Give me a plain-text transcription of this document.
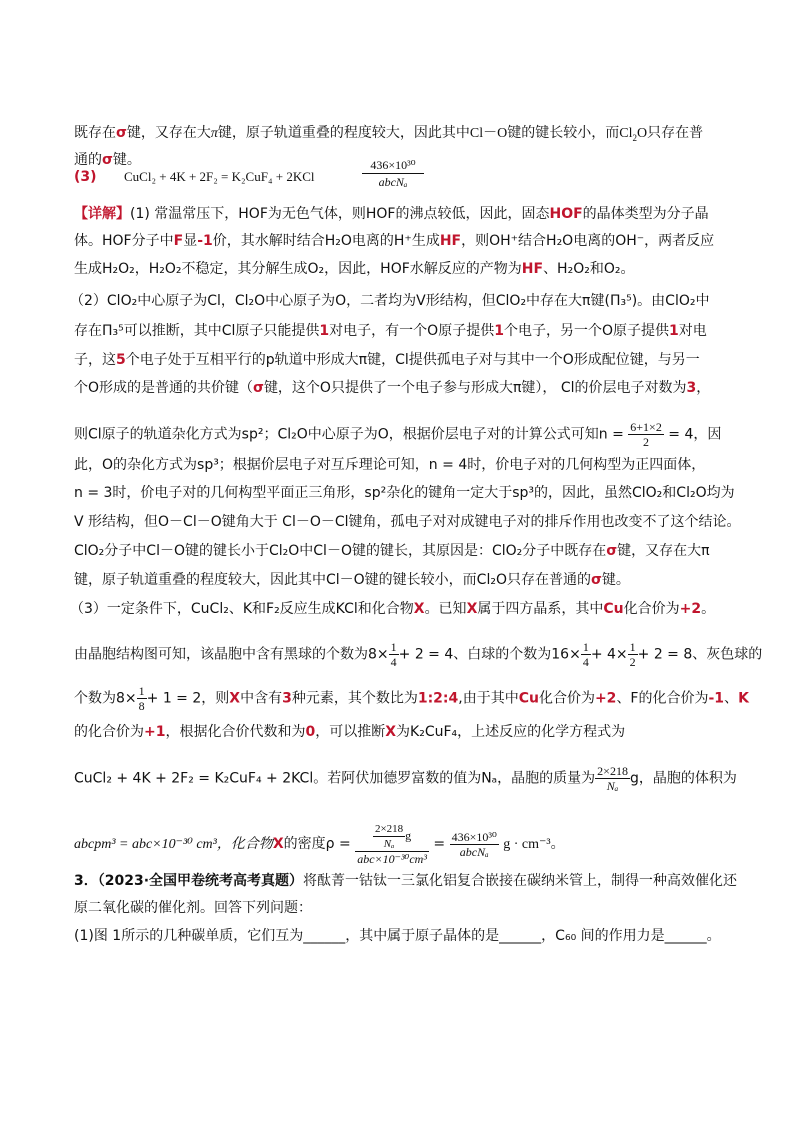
既存在σ键，又存在大π键，原子轨道重叠的程度较大，因此其中Cl－O键的键长较小，而$Cl_2O$只存在普
通的σ键。
(3) CuCl₂ + 4K + 2F₂ = K₂CuF₄ + 2KCl
436×10³⁰
abcNₐ
【详解】(1) 常温常压下，HOF为无色气体，则HOF的沸点较低，因此，固态HOF的晶体类型为分子晶
体。HOF分子中F显-1价，其水解时结合H₂O电离的H⁺生成HF，则OH⁺结合H₂O电离的OH⁻，两者反应
生成H₂O₂，H₂O₂不稳定，其分解生成O₂，因此，HOF水解反应的产物为HF、H₂O₂和O₂。
（2）ClO₂中心原子为Cl，Cl₂O中心原子为O，二者均为V形结构，但ClO₂中存在大π键(Π₃⁵)。由ClO₂中
存在Π₃⁵可以推断，其中Cl原子只能提供1对电子，有一个O原子提供1个电子，另一个O原子提供1对电
子，这5个电子处于互相平行的p轨道中形成大π键，Cl提供孤电子对与其中一个O形成配位键，与另一
个O形成的是普通的共价键（σ键，这个O只提供了一个电子参与形成大π键）， Cl的价层电子对数为3，
则Cl原子的轨道杂化方式为sp²；Cl₂O中心原子为O，根据价层电子对的计算公式可知$n = \frac{6+1\times 2}{2} = 4$，因
此，O的杂化方式为sp³；根据价层电子对互斥理论可知，n = 4时，价电子对的几何构型为正四面体，
n = 3时，价电子对的几何构型平面正三角形，sp²杂化的键角一定大于sp³的，因此，虽然ClO₂和Cl₂O均为
V 形结构，但O－Cl－O键角大于 Cl－O－Cl键角，孤电子对对成键电子对的排斥作用也改变不了这个结论。
ClO₂分子中Cl－O键的键长小于Cl₂O中Cl－O键的键长，其原因是：ClO₂分子中既存在σ键，又存在大π
键，原子轨道重叠的程度较大，因此其中Cl－O键的键长较小，而Cl₂O只存在普通的σ键。
（3）一定条件下，CuCl₂、K和F₂反应生成KCl和化合物X。已知X属于四方晶系，其中Cu化合价为+2。
由晶胞结构图可知，该晶胞中含有黑球的个数为$8\times \frac{1}{4} + 2 = 4$、白球的个数为$16\times \frac{1}{4} + 4\times \frac{1}{2} + 2 = 8$、灰色球的
个数为$8\times \frac{1}{8} + 1 = 2$，则X中含有3种元素，其个数比为1:2:4,由于其中Cu化合价为+2、F的化合价为-1、K
的化合价为+1，根据化合价代数和为0，可以推断X为K₂CuF₄，上述反应的化学方程式为
CuCl₂ + 4K + 2F₂ = K₂CuF₄ + 2KCl。若阿伏加德罗富数的值为Nₐ，晶胞的质量为 $\frac{2\times 218}{\text{Nₐ}}$ g，晶胞的体积为
abcpm³ = abc×10⁻³⁰ cm³，化合物X的密度$\rho = \frac{\frac{2\times 218}{\text{Nₐ}} g}{\text{abc×10⁻³⁰cm³}} = \frac{\text{436×10³⁰}}{\text{abcNₐ}}$ g · cm⁻³。
3．（2023·全国甲卷统考高考真题）将酞菁一钴钛一三氯化铝复合嵌接在碳纳米管上，制得一种高效催化还
原二氧化碳的催化剂。回答下列问题：
(1)图 1所示的几种碳单质，它们互为______，其中属于原子晶体的是______，C₆₀ 间的作用力是______。
